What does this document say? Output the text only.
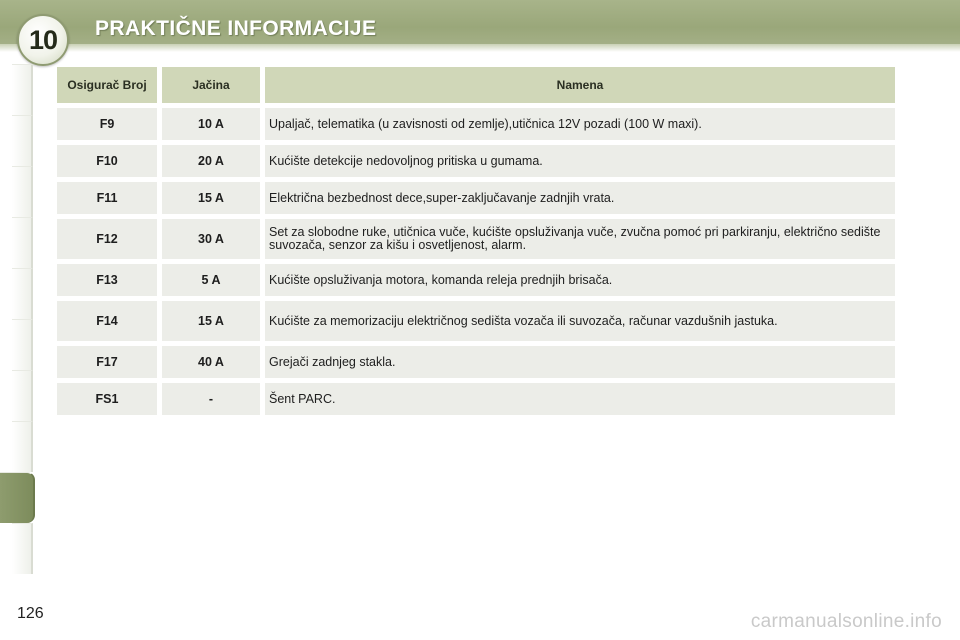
10	PRAKTIČNE INFORMACIJE
Osigurač Broj	Jačina	Namena
F9	10 A	Upaljač, telematika (u zavisnosti od zemlje),utičnica 12V pozadi (100 W maxi).
F10	20 A	Kućište detekcije nedovoljnog pritiska u gumama.
F11	15 A	Električna bezbednost dece,super-zaključavanje zadnjih vrata.
F12	30 A	Set za slobodne ruke, utičnica vuče, kućište opsluživanja vuče, zvučna pomoć pri parkiranju, električno sedište suvozača, senzor za kišu i osvetljenost, alarm.
F13	5 A	Kućište opsluživanja motora, komanda releja prednjih brisača.
F14	15 A	Kućište za memorizaciju električnog sedišta vozača ili suvozača, računar vazdušnih jastuka.
F17	40 A	Grejači zadnjeg stakla.
FS1	-	Šent PARC.
126	carmanualsonline.info
